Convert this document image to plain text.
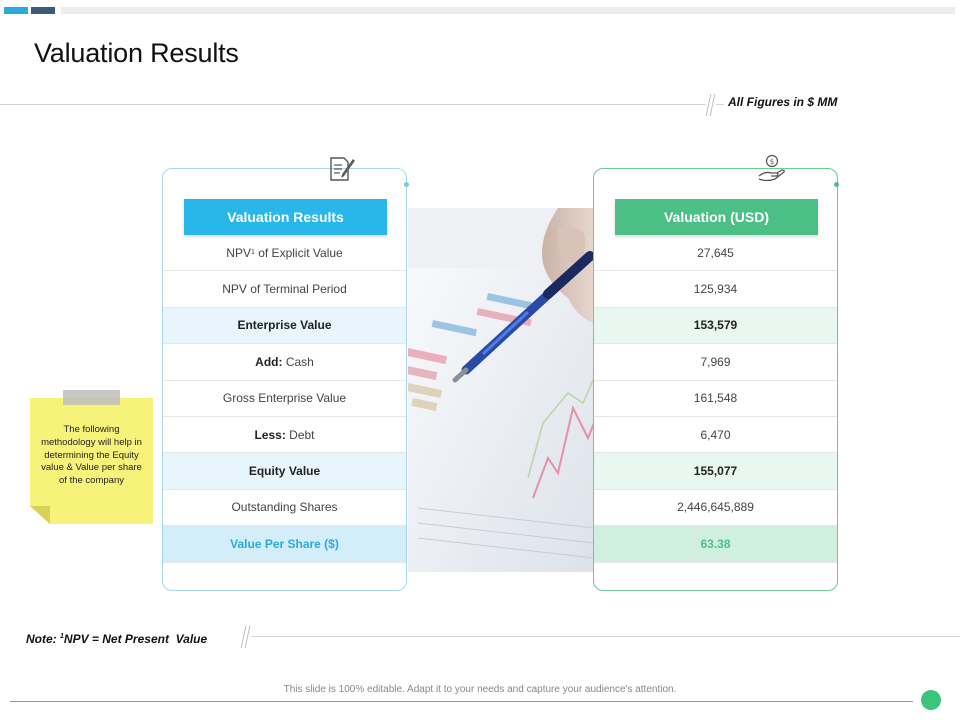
Valuation Results
All Figures in $ MM
Valuation Results
NPV 1
of Explicit Value
NPV of Terminal Period
Enterprise Value
Add: Cash
Gross Enterprise Value
Less: Debt
Equity Value
Outstanding Shares
Value Per Share ($)
$
Valuation (USD)
27,645
125,934
153,579
7,969
161,548
6,470
155,077
2,446,645,889
63.38
The following methodology will help in determining the Equity value & Value per share of the company
Note: $^1$NPV = Net Present  Value
This slide is 100% editable. Adapt it to your needs and capture your audience's attention.
